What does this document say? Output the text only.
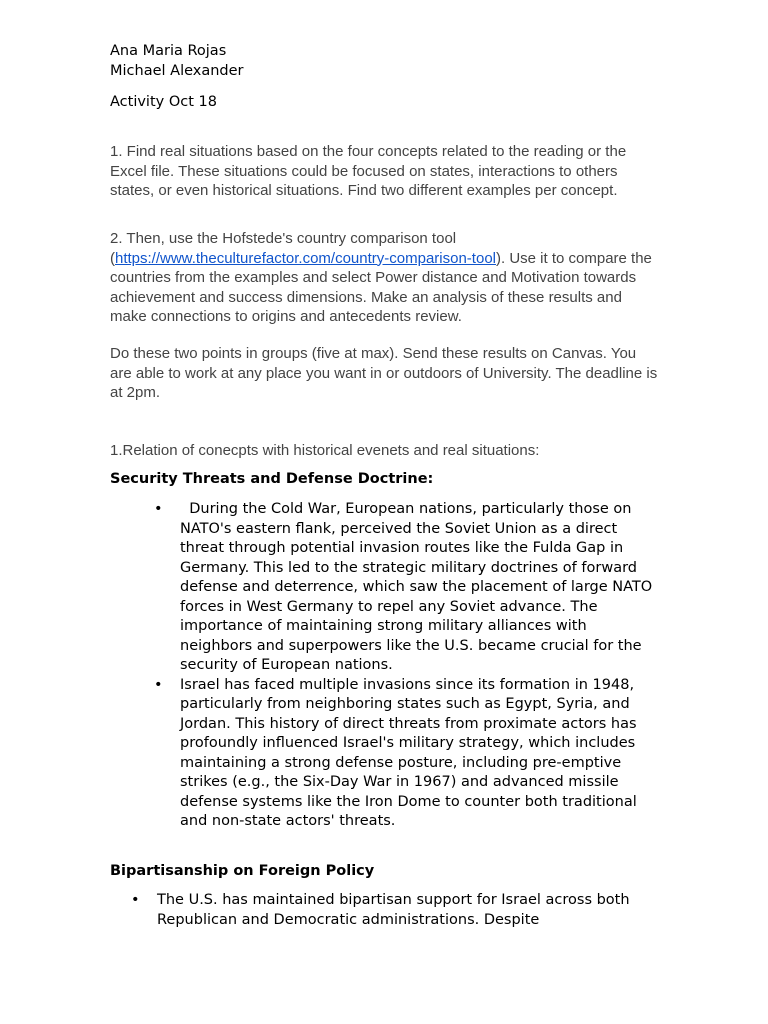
Ana Maria Rojas
Michael Alexander

Activity Oct 18

1. Find real situations based on the four concepts related to the reading or the Excel file. These situations could be focused on states, interactions to others states, or even historical situations. Find two different examples per concept.

2. Then, use the Hofstede's country comparison tool (https://www.theculturefactor.com/country-comparison-tool). Use it to compare the countries from the examples and select Power distance and Motivation towards achievement and success dimensions. Make an analysis of these results and make connections to origins and antecedents review.

Do these two points in groups (five at max). Send these results on Canvas. You are able to work at any place you want in or outdoors of University. The deadline is at 2pm.

1.Relation of conecpts with historical evenets and real situations:

Security Threats and Defense Doctrine:

• During the Cold War, European nations, particularly those on NATO's eastern flank, perceived the Soviet Union as a direct threat through potential invasion routes like the Fulda Gap in Germany. This led to the strategic military doctrines of forward defense and deterrence, which saw the placement of large NATO forces in West Germany to repel any Soviet advance. The importance of maintaining strong military alliances with neighbors and superpowers like the U.S. became crucial for the security of European nations.
• Israel has faced multiple invasions since its formation in 1948, particularly from neighboring states such as Egypt, Syria, and Jordan. This history of direct threats from proximate actors has profoundly influenced Israel's military strategy, which includes maintaining a strong defense posture, including pre-emptive strikes (e.g., the Six-Day War in 1967) and advanced missile defense systems like the Iron Dome to counter both traditional and non-state actors' threats.

Bipartisanship on Foreign Policy

• The U.S. has maintained bipartisan support for Israel across both Republican and Democratic administrations. Despite
